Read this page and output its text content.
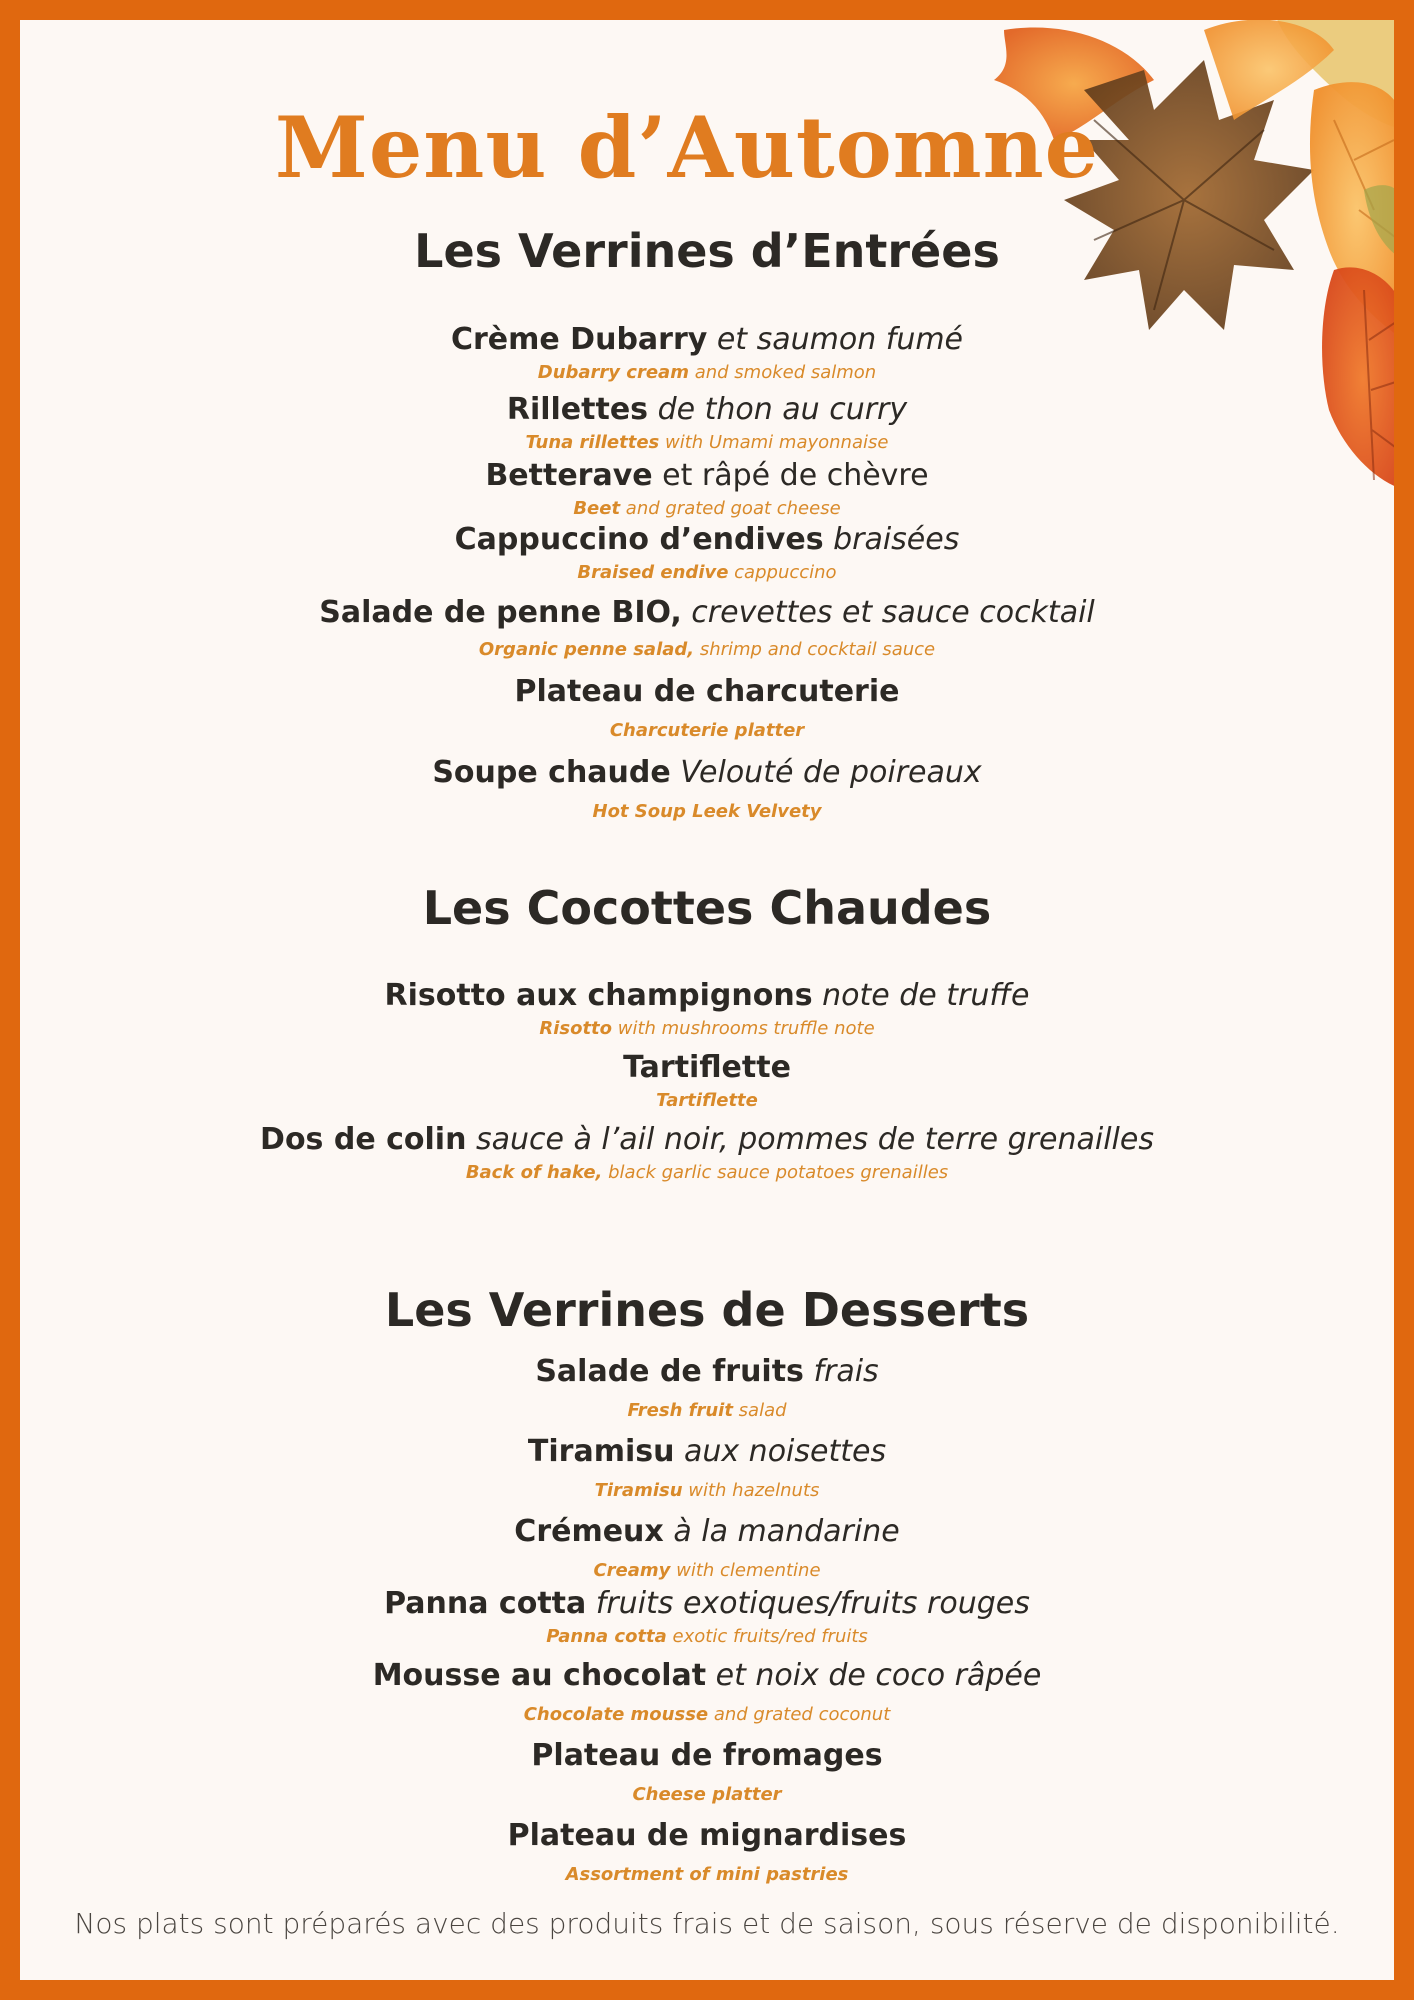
Menu d’Automne
Les Verrines d’Entrées
Crème Dubarry et saumon fumé
Dubarry cream and smoked salmon
Rillettes de thon au curry
Tuna rillettes with Umami mayonnaise
Betterave et râpé de chèvre
Beet and grated goat cheese
Cappuccino d’endives braisées
Braised endive cappuccino
Salade de penne BIO, crevettes et sauce cocktail
Organic penne salad, shrimp and cocktail sauce
Plateau de charcuterie
Charcuterie platter
Soupe chaude Velouté de poireaux
Hot Soup Leek Velvety
Les Cocottes Chaudes
Risotto aux champignons note de truffe
Risotto with mushrooms truffle note
Tartiflette
Tartiflette
Dos de colin sauce à l’ail noir, pommes de terre grenailles
Back of hake, black garlic sauce potatoes grenailles
Les Verrines de Desserts
Salade de fruits frais
Fresh fruit salad
Tiramisu aux noisettes
Tiramisu with hazelnuts
Crémeux à la mandarine
Creamy with clementine
Panna cotta fruits exotiques/fruits rouges
Panna cotta exotic fruits/red fruits
Mousse au chocolat et noix de coco râpée
Chocolate mousse and grated coconut
Plateau de fromages
Cheese platter
Plateau de mignardises
Assortment of mini pastries
Nos plats sont préparés avec des produits frais et de saison, sous réserve de disponibilité.
